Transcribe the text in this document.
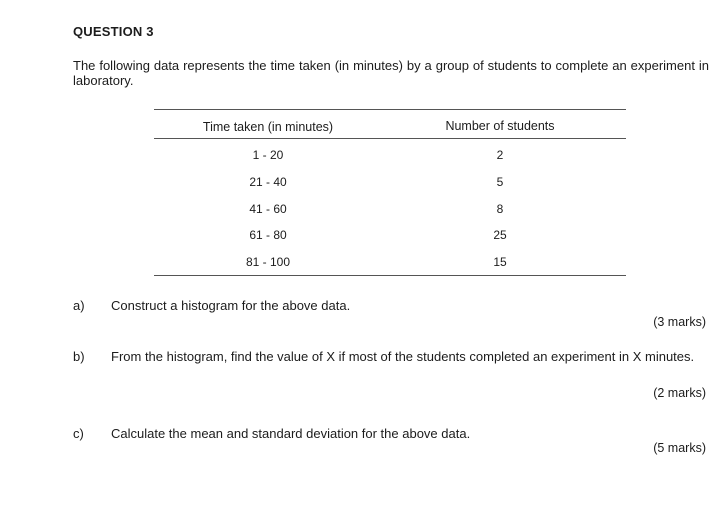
QUESTION 3
The following data represents the time taken (in minutes) by a group of students to complete an experiment in laboratory.
Time taken (in minutes)	Number of students
1 - 20	2
21 - 40	5
41 - 60	8
61 - 80	25
81 - 100	15
a) Construct a histogram for the above data.
(3 marks)
b) From the histogram, find the value of X if most of the students completed an experiment in X minutes.
(2 marks)
c) Calculate the mean and standard deviation for the above data.
(5 marks)
